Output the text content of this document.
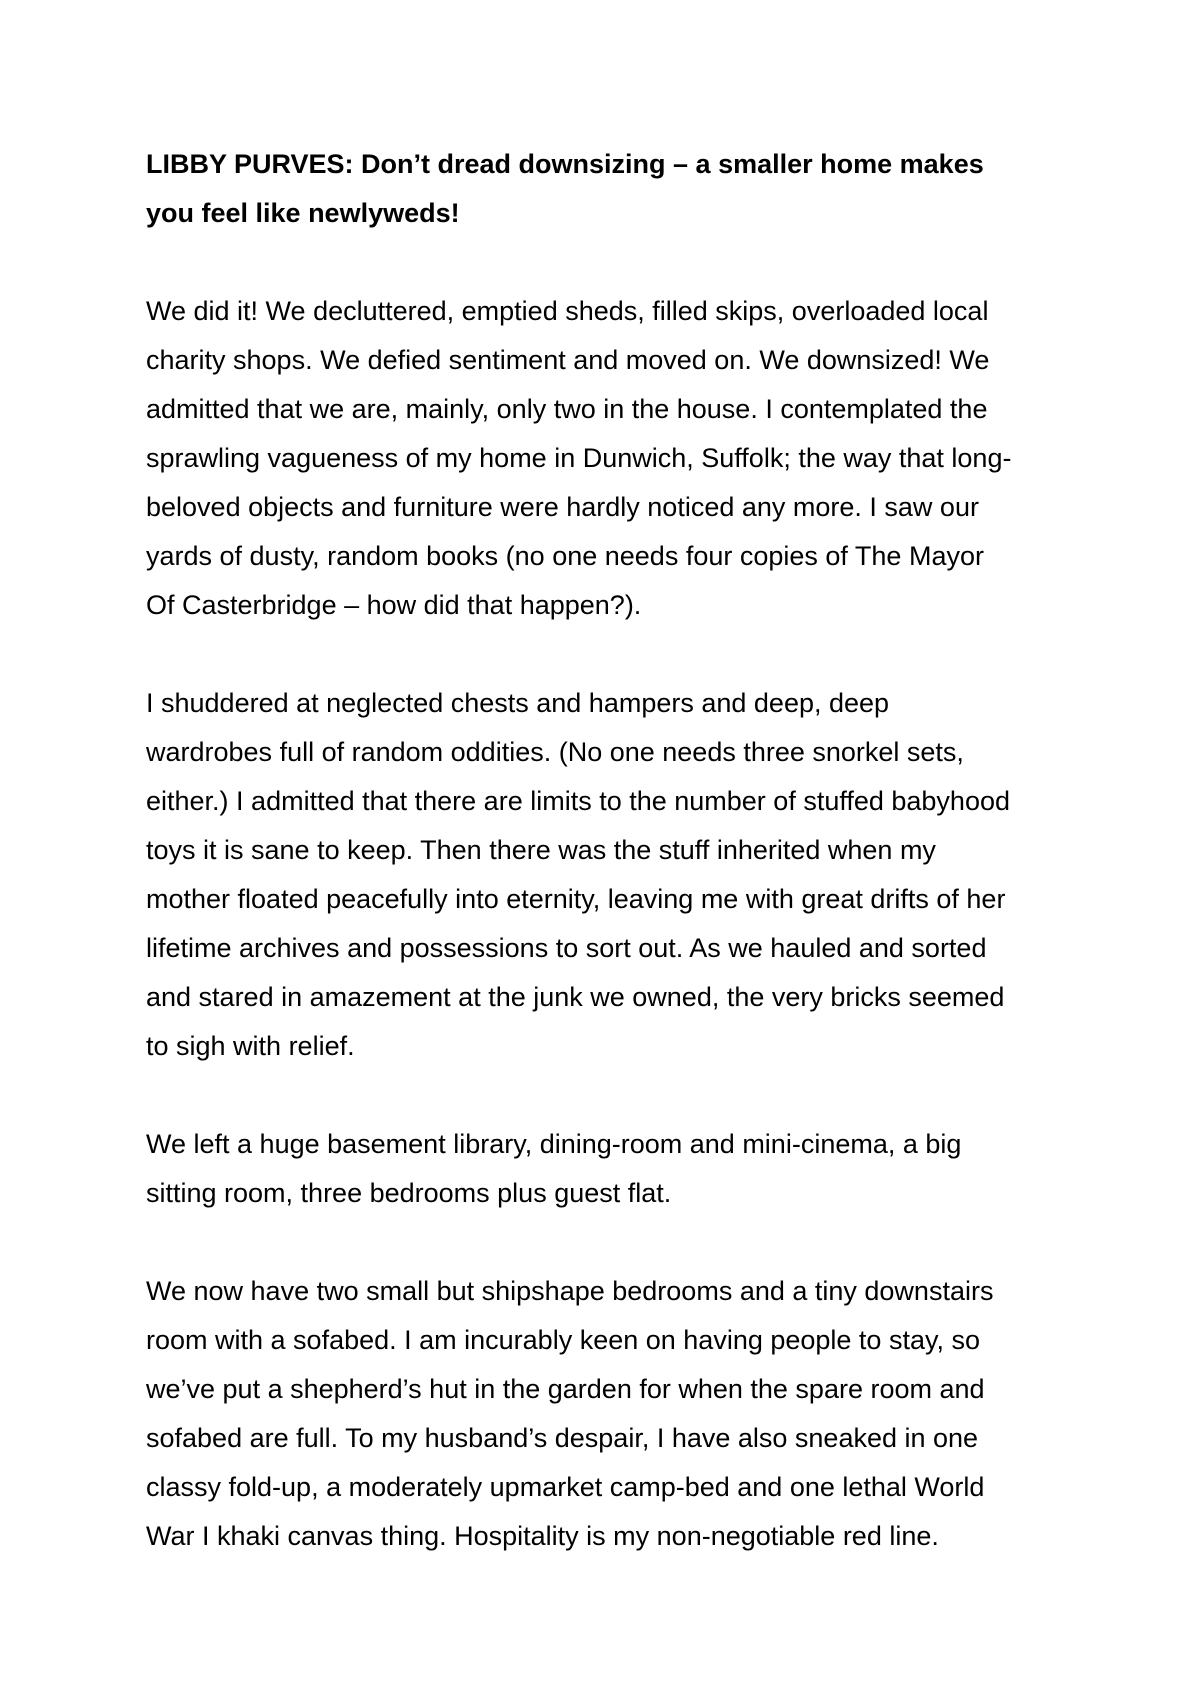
LIBBY PURVES: Don’t dread downsizing – a smaller home makes
you feel like newlyweds!
We did it! We decluttered, emptied sheds, filled skips, overloaded local
charity shops. We defied sentiment and moved on. We downsized! We
admitted that we are, mainly, only two in the house. I contemplated the
sprawling vagueness of my home in Dunwich, Suffolk; the way that long-
beloved objects and furniture were hardly noticed any more. I saw our
yards of dusty, random books (no one needs four copies of The Mayor
Of Casterbridge – how did that happen?).
I shuddered at neglected chests and hampers and deep, deep
wardrobes full of random oddities. (No one needs three snorkel sets,
either.) I admitted that there are limits to the number of stuffed babyhood
toys it is sane to keep. Then there was the stuff inherited when my
mother floated peacefully into eternity, leaving me with great drifts of her
lifetime archives and possessions to sort out. As we hauled and sorted
and stared in amazement at the junk we owned, the very bricks seemed
to sigh with relief.
We left a huge basement library, dining-room and mini-cinema, a big
sitting room, three bedrooms plus guest flat.
We now have two small but shipshape bedrooms and a tiny downstairs
room with a sofabed. I am incurably keen on having people to stay, so
we’ve put a shepherd’s hut in the garden for when the spare room and
sofabed are full. To my husband’s despair, I have also sneaked in one
classy fold-up, a moderately upmarket camp-bed and one lethal World
War I khaki canvas thing. Hospitality is my non-negotiable red line.
